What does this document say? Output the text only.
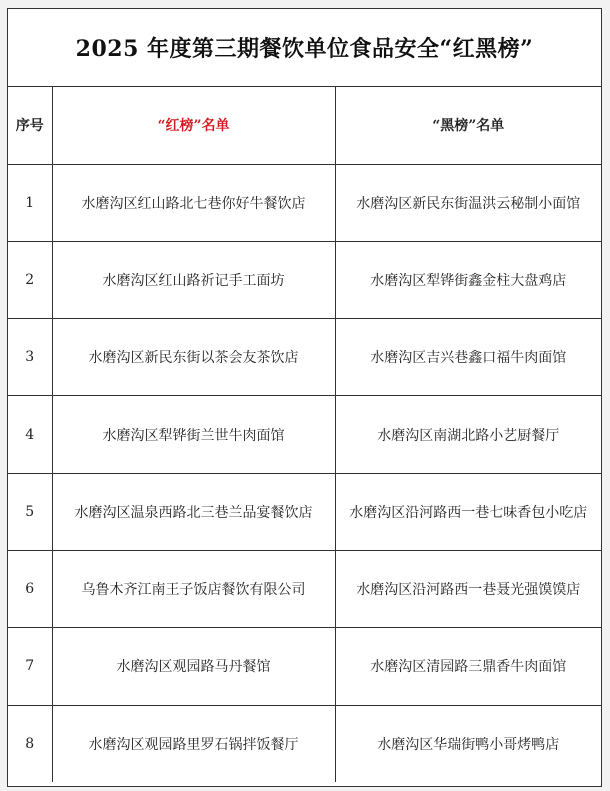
2025 年度第三期餐饮单位食品安全“红黑榜”
序号	“红榜”名单	“黑榜”名单
1	水磨沟区红山路北七巷你好牛餐饮店	水磨沟区新民东街温洪云秘制小面馆
2	水磨沟区红山路祈记手工面坊	水磨沟区犁铧街鑫金柱大盘鸡店
3	水磨沟区新民东街以茶会友茶饮店	水磨沟区吉兴巷鑫口福牛肉面馆
4	水磨沟区犁铧街兰世牛肉面馆	水磨沟区南湖北路小艺厨餐厅
5	水磨沟区温泉西路北三巷兰品宴餐饮店	水磨沟区沿河路西一巷七味香包小吃店
6	乌鲁木齐江南王子饭店餐饮有限公司	水磨沟区沿河路西一巷聂光强馍馍店
7	水磨沟区观园路马丹餐馆	水磨沟区清园路三鼎香牛肉面馆
8	水磨沟区观园路里罗石锅拌饭餐厅	水磨沟区华瑞街鸭小哥烤鸭店
